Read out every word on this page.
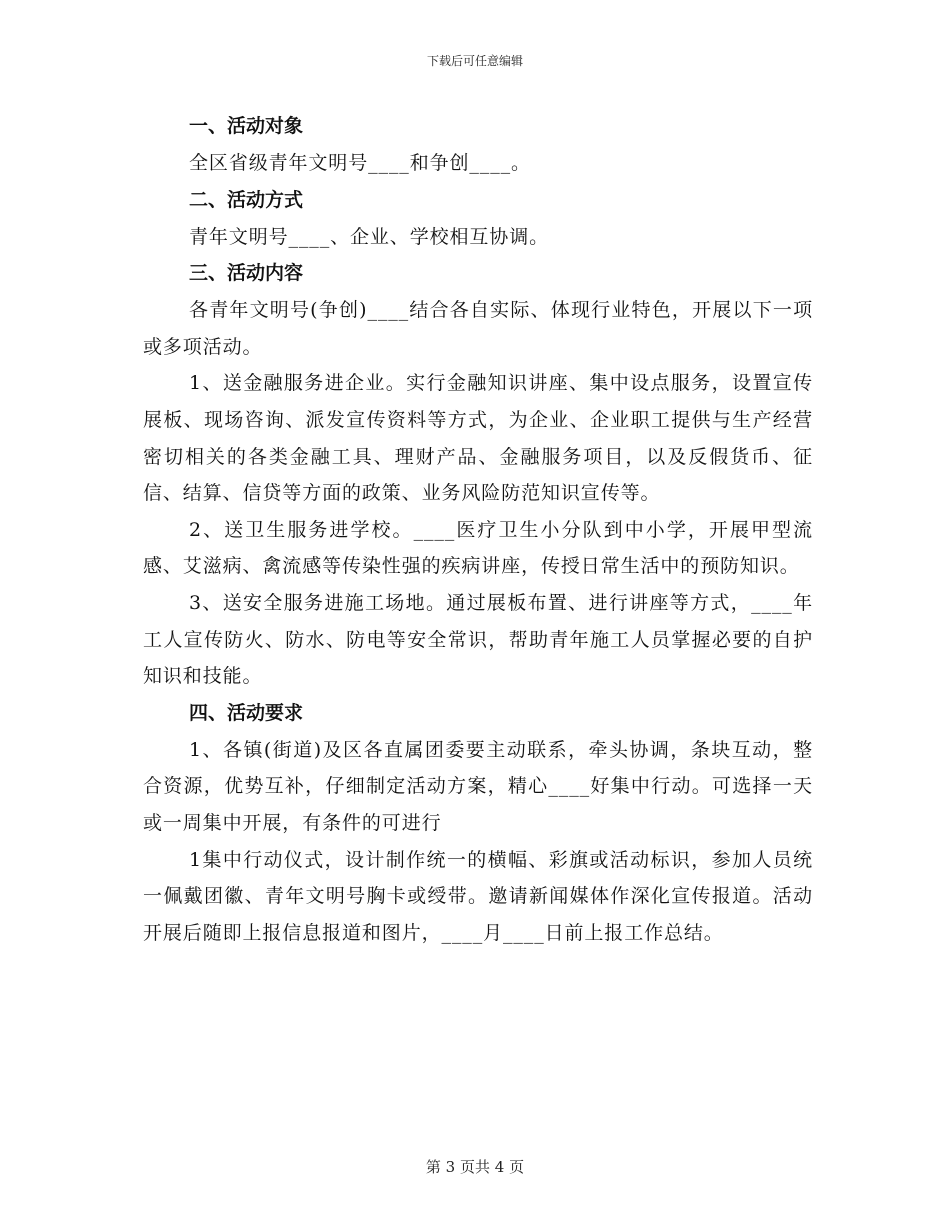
下载后可任意编辑
一、活动对象

全区省级青年文明号____和争创____。

二、活动方式

青年文明号____、企业、学校相互协调。

三、活动内容

各青年文明号(争创)____结合各自实际、体现行业特色，开展以下一项或多项活动。

1、送金融服务进企业。实行金融知识讲座、集中设点服务，设置宣传展板、现场咨询、派发宣传资料等方式，为企业、企业职工提供与生产经营密切相关的各类金融工具、理财产品、金融服务项目，以及反假货币、征信、结算、信贷等方面的政策、业务风险防范知识宣传等。

2、送卫生服务进学校。____医疗卫生小分队到中小学，开展甲型流感、艾滋病、禽流感等传染性强的疾病讲座，传授日常生活中的预防知识。

3、送安全服务进施工场地。通过展板布置、进行讲座等方式，____年工人宣传防火、防水、防电等安全常识，帮助青年施工人员掌握必要的自护知识和技能。

四、活动要求

1、各镇(街道)及区各直属团委要主动联系，牵头协调，条块互动，整合资源，优势互补，仔细制定活动方案，精心____好集中行动。可选择一天或一周集中开展，有条件的可进行

1集中行动仪式，设计制作统一的横幅、彩旗或活动标识，参加人员统一佩戴团徽、青年文明号胸卡或绶带。邀请新闻媒体作深化宣传报道。活动开展后随即上报信息报道和图片，____月____日前上报工作总结。

第 3 页共 4 页
